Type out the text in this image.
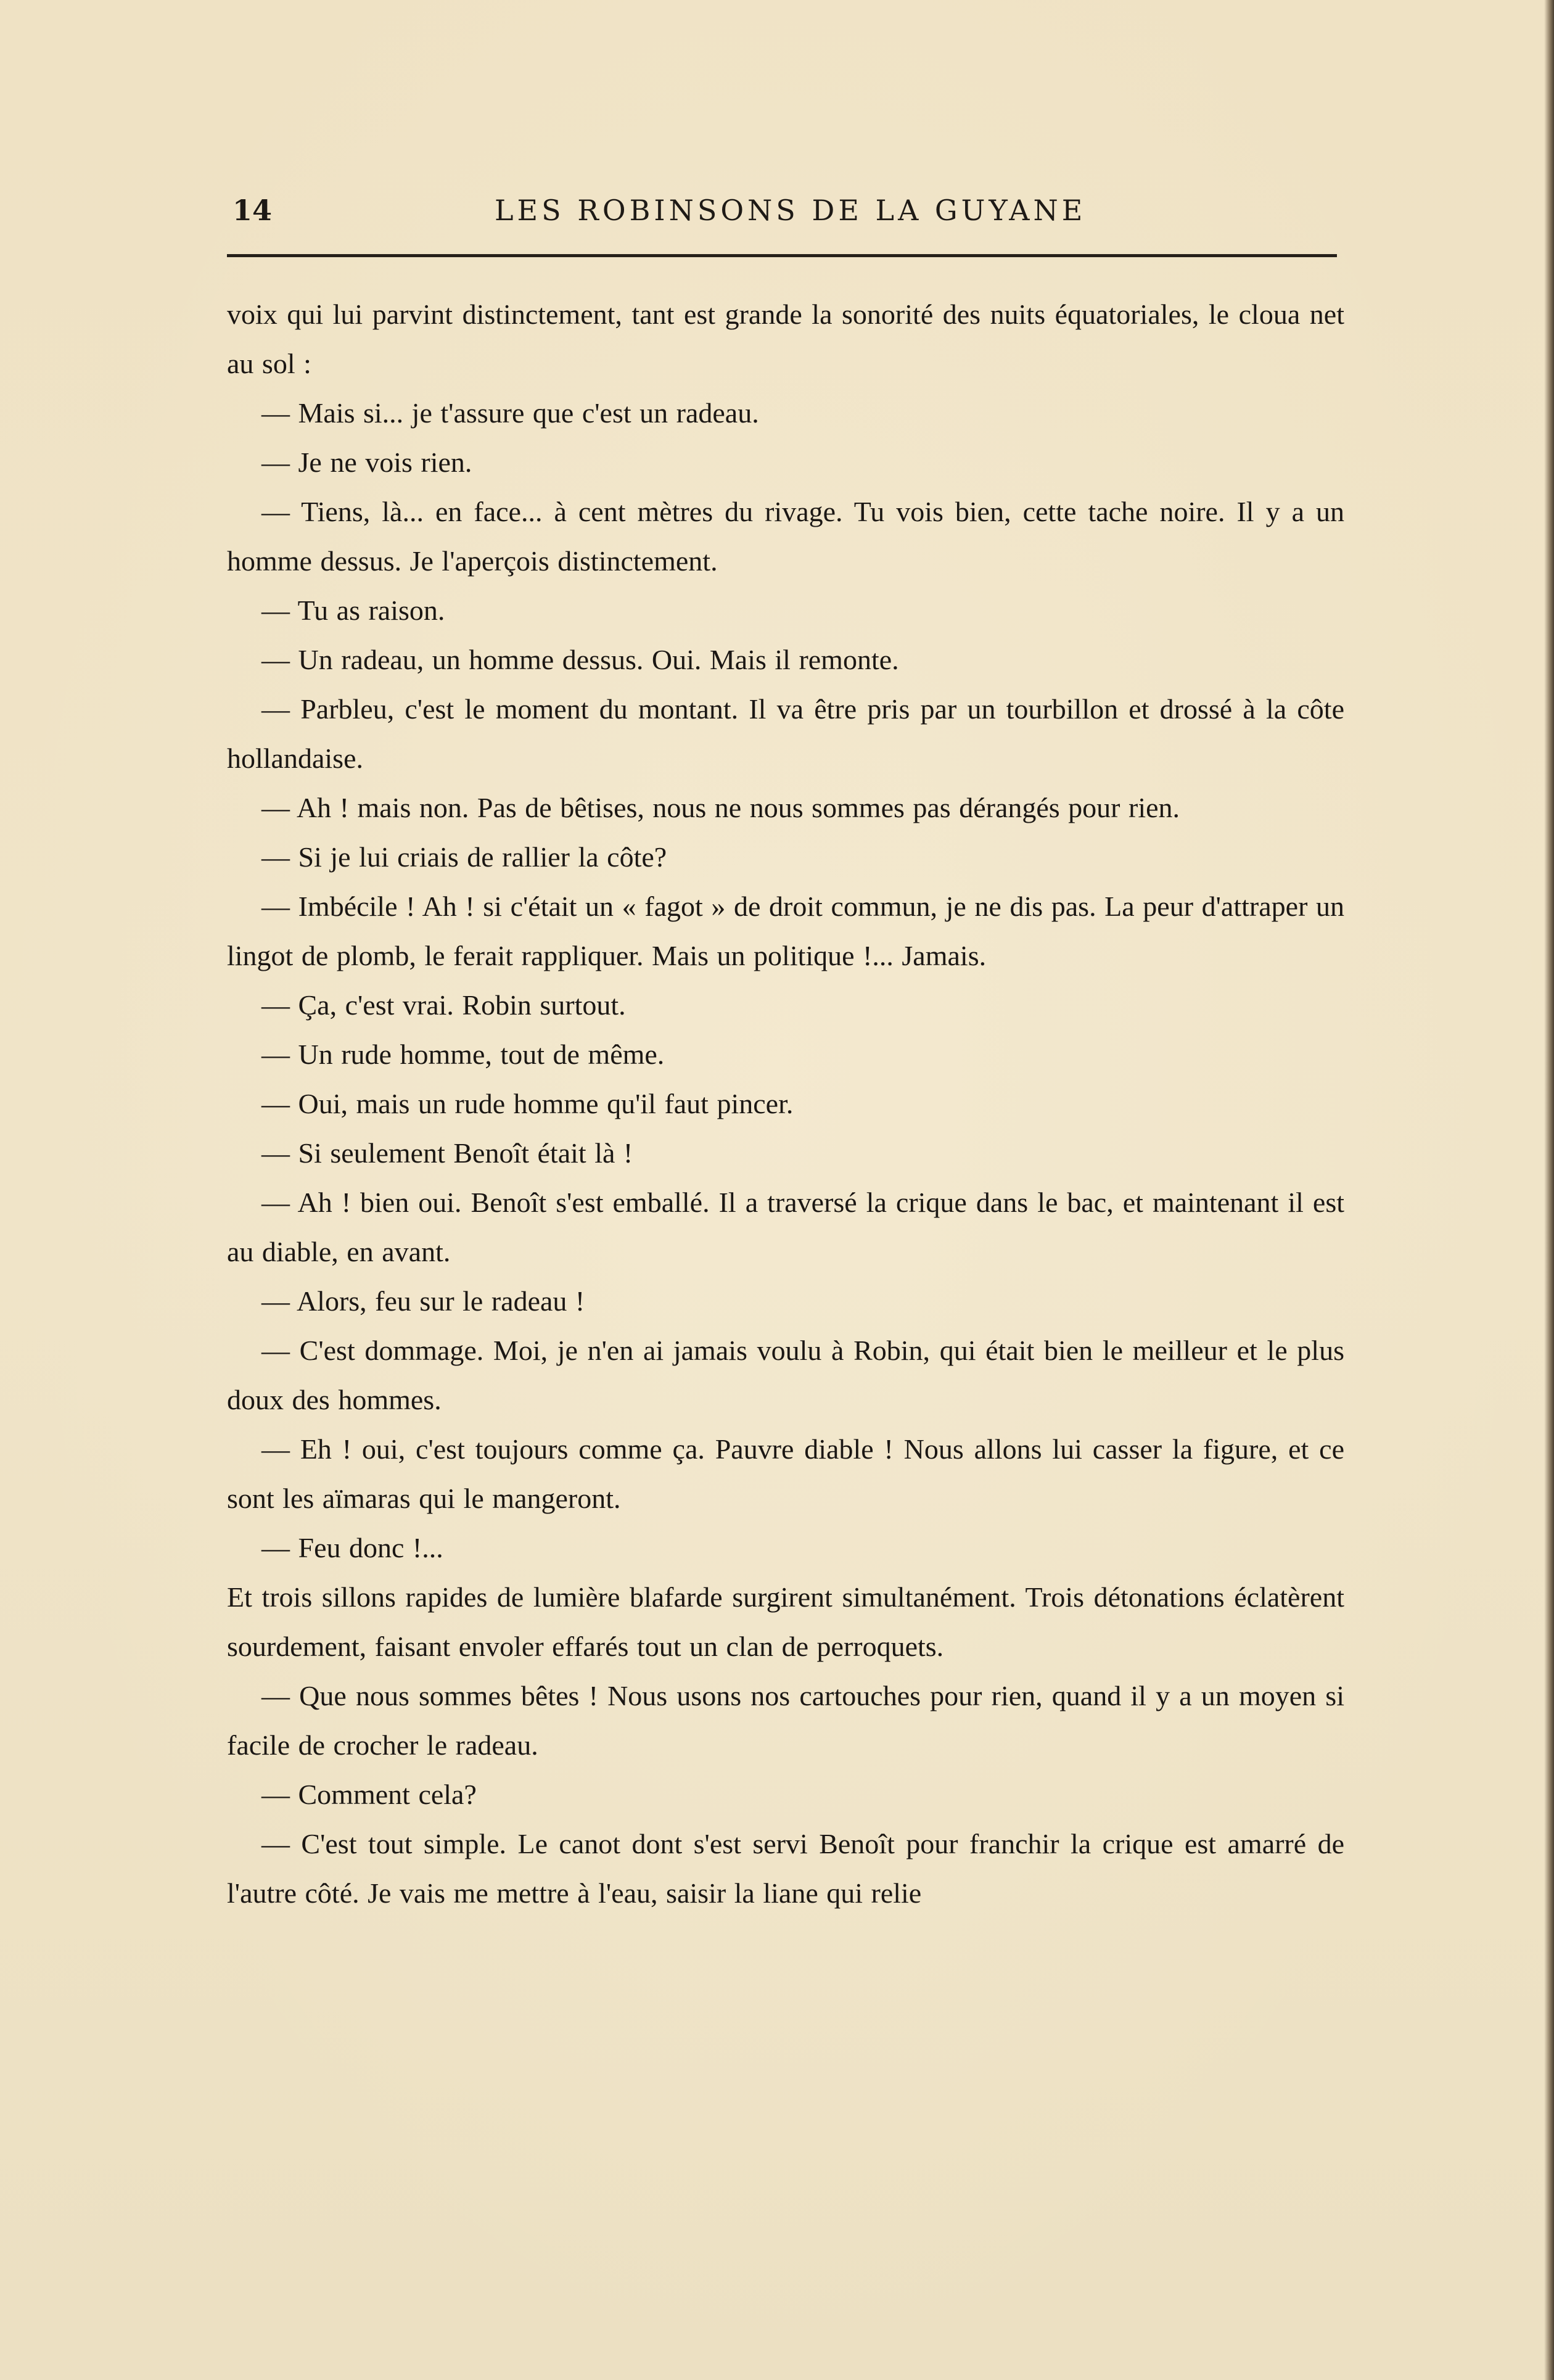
14	LES ROBINSONS DE LA GUYANE

voix qui lui parvint distinctement, tant est grande la sonorité des nuits équatoriales, le cloua net au sol :

— Mais si... je t'assure que c'est un radeau.

— Je ne vois rien.

— Tiens, là... en face... à cent mètres du rivage. Tu vois bien, cette tache noire. Il y a un homme dessus. Je l'aperçois distinctement.

— Tu as raison.

— Un radeau, un homme dessus. Oui. Mais il remonte.

— Parbleu, c'est le moment du montant. Il va être pris par un tourbillon et drossé à la côte hollandaise.

— Ah ! mais non. Pas de bêtises, nous ne nous sommes pas dérangés pour rien.

— Si je lui criais de rallier la côte?

— Imbécile ! Ah ! si c'était un « fagot » de droit commun, je ne dis pas. La peur d'attraper un lingot de plomb, le ferait rappliquer. Mais un politique !... Jamais.

— Ça, c'est vrai. Robin surtout.

— Un rude homme, tout de même.

— Oui, mais un rude homme qu'il faut pincer.

— Si seulement Benoît était là !

— Ah ! bien oui. Benoît s'est emballé. Il a traversé la crique dans le bac, et maintenant il est au diable, en avant.

— Alors, feu sur le radeau !

— C'est dommage. Moi, je n'en ai jamais voulu à Robin, qui était bien le meilleur et le plus doux des hommes.

— Eh ! oui, c'est toujours comme ça. Pauvre diable ! Nous allons lui casser la figure, et ce sont les aïmaras qui le mangeront.

— Feu donc !...

Et trois sillons rapides de lumière blafarde surgirent simultanément. Trois détonations éclatèrent sourdement, faisant envoler effarés tout un clan de perroquets.

— Que nous sommes bêtes ! Nous usons nos cartouches pour rien, quand il y a un moyen si facile de crocher le radeau.

— Comment cela?

— C'est tout simple. Le canot dont s'est servi Benoît pour franchir la crique est amarré de l'autre côté. Je vais me mettre à l'eau, saisir la liane qui relie
